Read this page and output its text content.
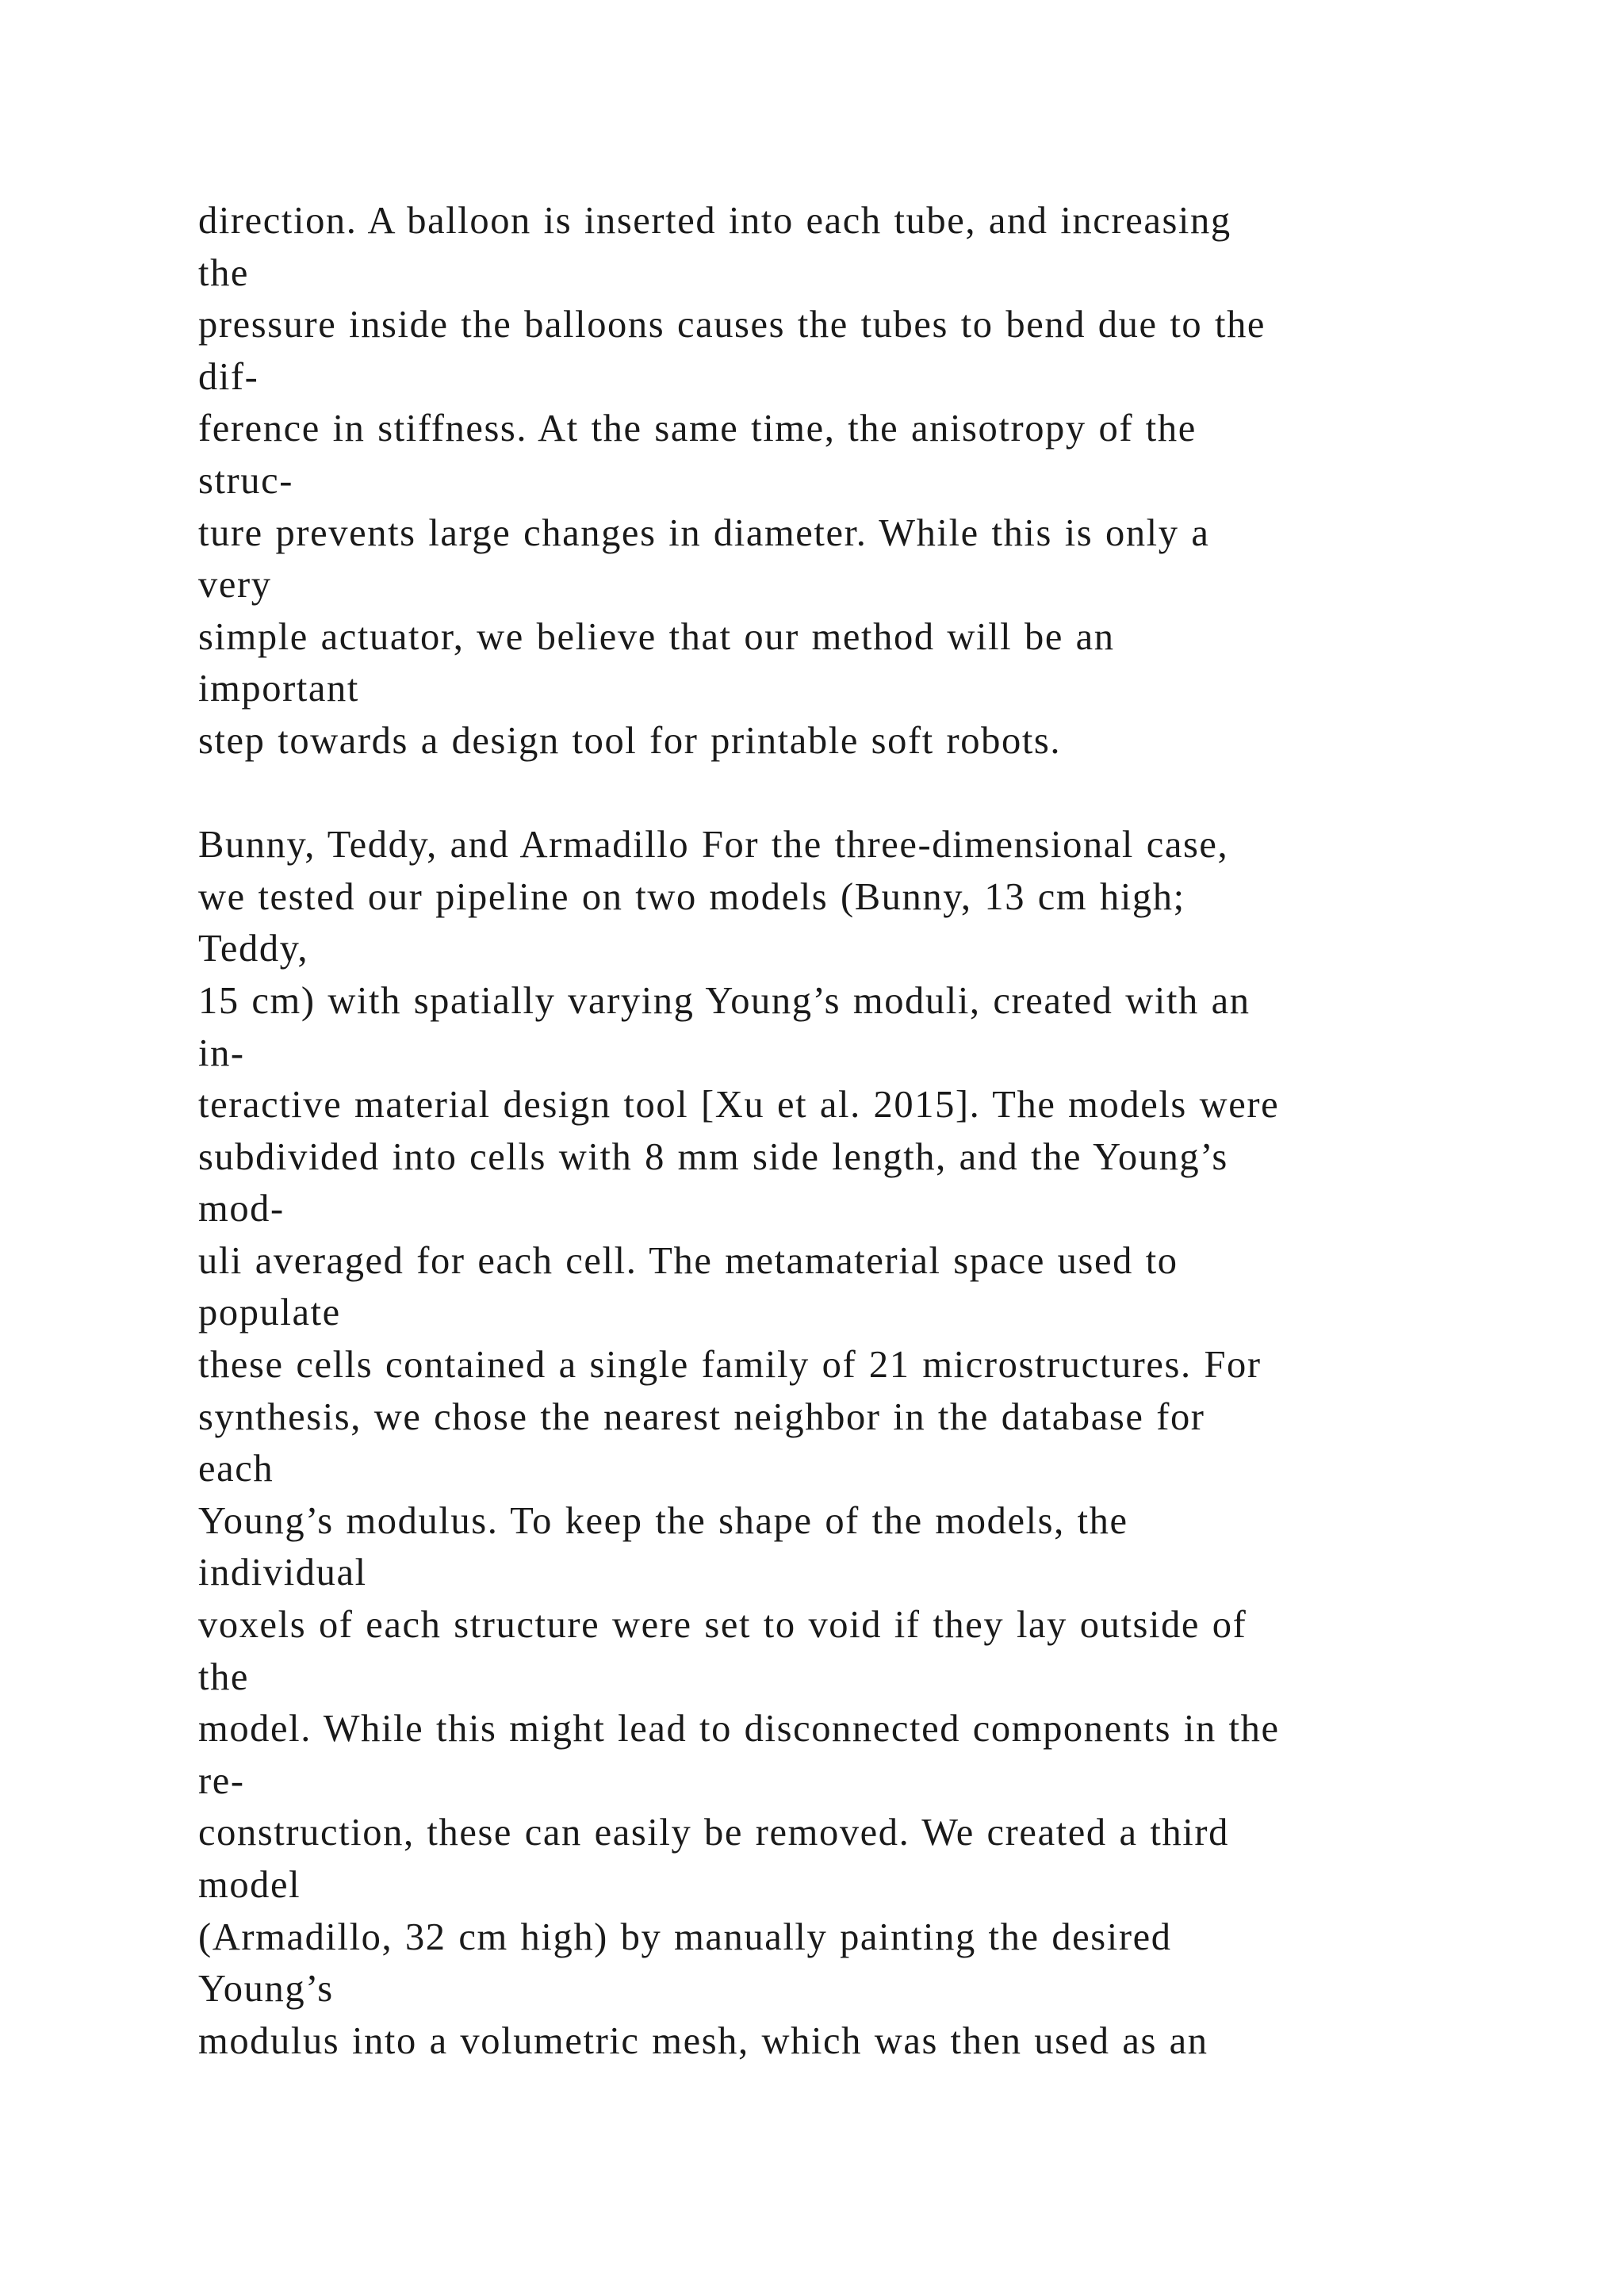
direction. A balloon is inserted into each tube, and increasing
the
pressure inside the balloons causes the tubes to bend due to the
dif-
ference in stiffness. At the same time, the anisotropy of the
struc-
ture prevents large changes in diameter. While this is only a
very
simple actuator, we believe that our method will be an
important
step towards a design tool for printable soft robots.
Bunny, Teddy, and Armadillo For the three-dimensional case,
we tested our pipeline on two models (Bunny, 13 cm high;
Teddy,
15 cm) with spatially varying Young’s moduli, created with an
in-
teractive material design tool [Xu et al. 2015]. The models were
subdivided into cells with 8 mm side length, and the Young’s
mod-
uli averaged for each cell. The metamaterial space used to
populate
these cells contained a single family of 21 microstructures. For
synthesis, we chose the nearest neighbor in the database for
each
Young’s modulus. To keep the shape of the models, the
individual
voxels of each structure were set to void if they lay outside of
the
model. While this might lead to disconnected components in the
re-
construction, these can easily be removed. We created a third
model
(Armadillo, 32 cm high) by manually painting the desired
Young’s
modulus into a volumetric mesh, which was then used as an
